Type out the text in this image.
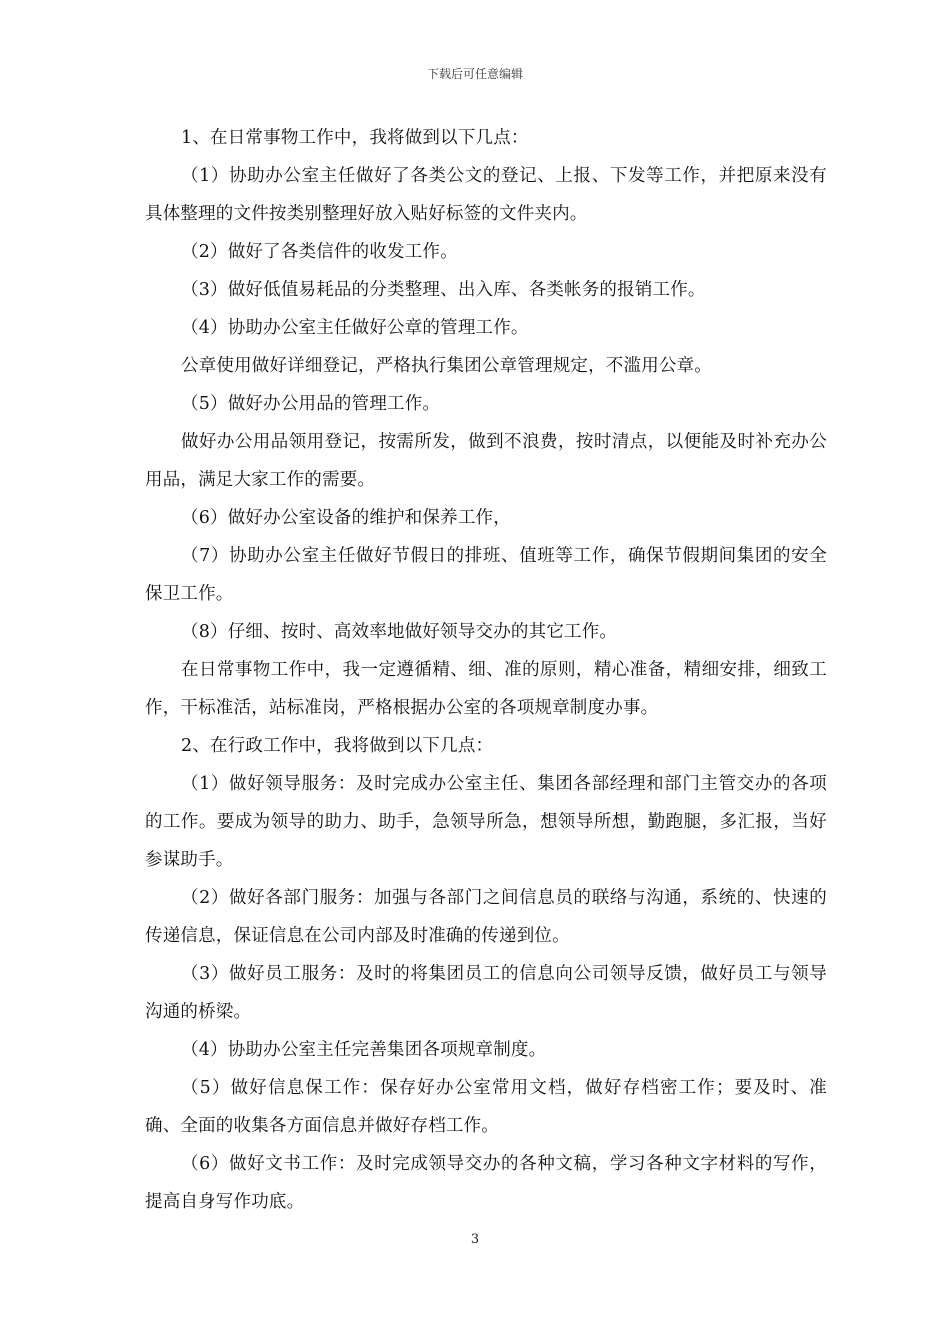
下载后可任意编辑

1、在日常事物工作中，我将做到以下几点：

（1）协助办公室主任做好了各类公文的登记、上报、下发等工作，并把原来没有具体整理的文件按类别整理好放入贴好标签的文件夹内。

（2）做好了各类信件的收发工作。

（3）做好低值易耗品的分类整理、出入库、各类帐务的报销工作。

（4）协助办公室主任做好公章的管理工作。

公章使用做好详细登记，严格执行集团公章管理规定，不滥用公章。

（5）做好办公用品的管理工作。

做好办公用品领用登记，按需所发，做到不浪费，按时清点，以便能及时补充办公用品，满足大家工作的需要。

（6）做好办公室设备的维护和保养工作，

（7）协助办公室主任做好节假日的排班、值班等工作，确保节假期间集团的安全保卫工作。

（8）仔细、按时、高效率地做好领导交办的其它工作。

在日常事物工作中，我一定遵循精、细、准的原则，精心准备，精细安排，细致工作，干标准活，站标准岗，严格根据办公室的各项规章制度办事。

2、在行政工作中，我将做到以下几点：

（1）做好领导服务：及时完成办公室主任、集团各部经理和部门主管交办的各项的工作。要成为领导的助力、助手，急领导所急，想领导所想，勤跑腿，多汇报，当好参谋助手。

（2）做好各部门服务：加强与各部门之间信息员的联络与沟通，系统的、快速的传递信息，保证信息在公司内部及时准确的传递到位。

（3）做好员工服务：及时的将集团员工的信息向公司领导反馈，做好员工与领导沟通的桥梁。

（4）协助办公室主任完善集团各项规章制度。

（5）做好信息保工作：保存好办公室常用文档，做好存档密工作；要及时、准确、全面的收集各方面信息并做好存档工作。

（6）做好文书工作：及时完成领导交办的各种文稿，学习各种文字材料的写作，提高自身写作功底。

3
